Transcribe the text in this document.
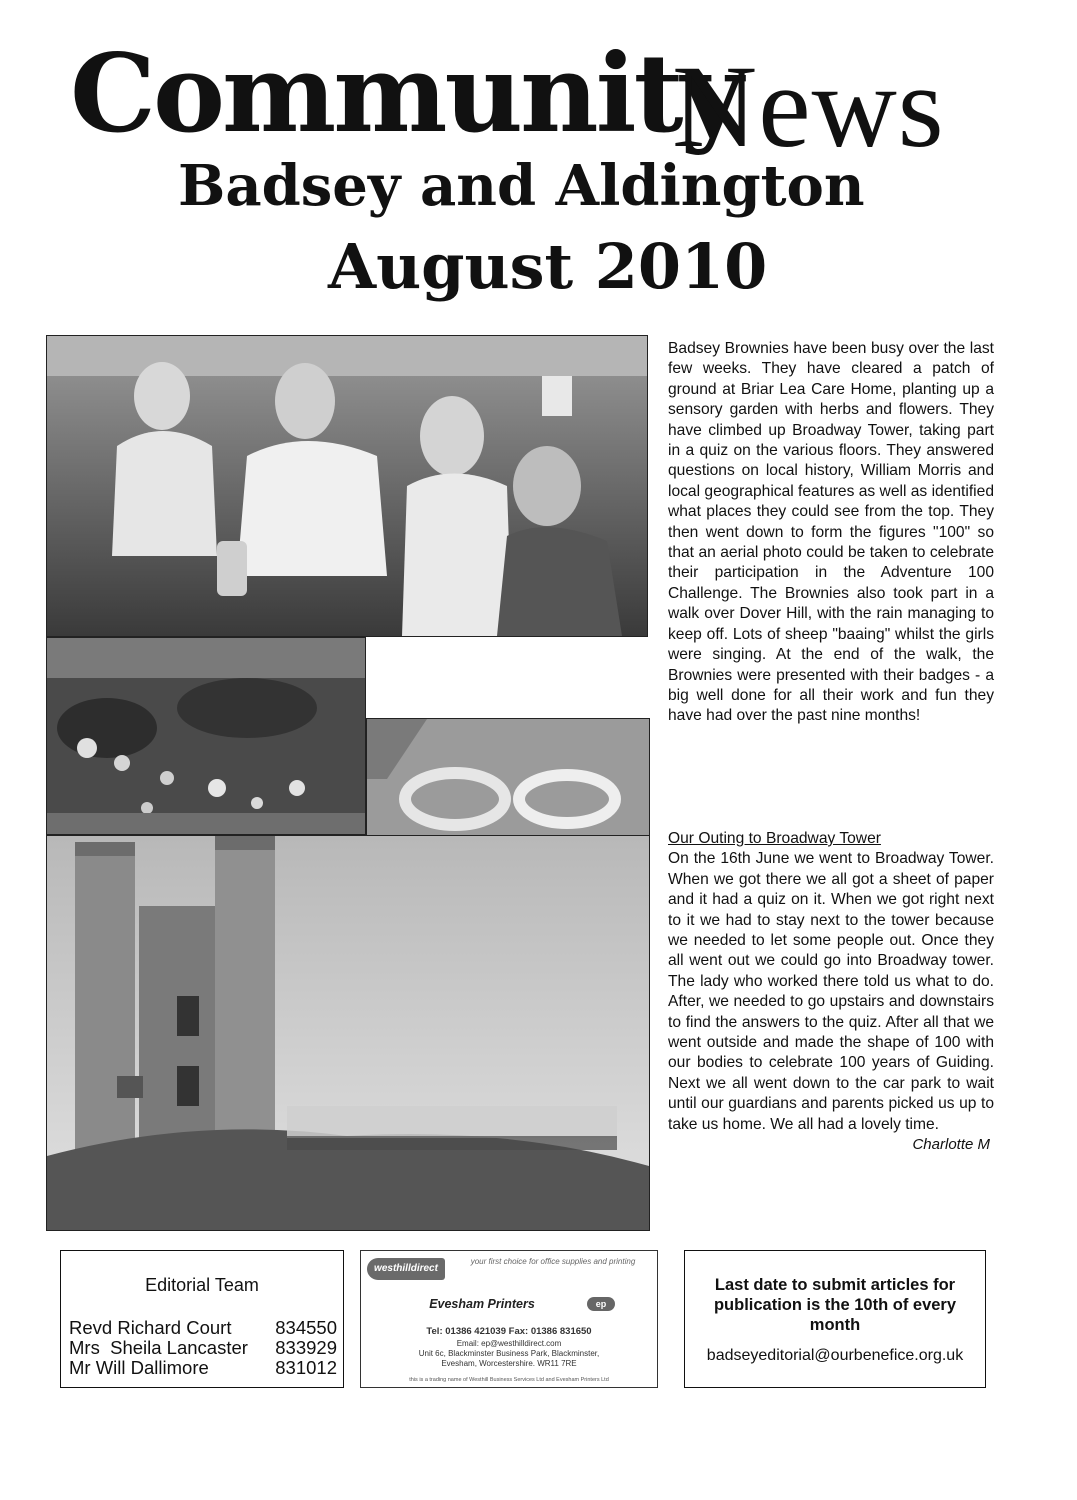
Community
News
Badsey and Aldington
August 2010
Badsey Brownies have been busy over the last few weeks. They have cleared a patch of ground at Briar Lea Care Home, planting up a sensory garden with herbs and flowers. They have climbed up Broadway Tower, taking part in a quiz on the various floors. They answered questions on local history, William Morris and local geographical features as well as identified what places they could see from the top. They then went down to form the figures "100" so that an aerial photo could be taken to celebrate their participation in the Adventure 100 Challenge. The Brownies also took part in a walk over Dover Hill, with the rain managing to keep off. Lots of sheep "baaing" whilst the girls were singing. At the end of the walk, the Brownies were presented with their badges - a big well done for all their work and fun they have had over the past nine months!
Our Outing to Broadway Tower
On the 16th June we went to Broadway Tower. When we got there we all got a sheet of paper and it had a quiz on it. When we got right next to it we had to stay next to the tower because we needed to let some people out. Once they all went out we could go into Broadway tower. The lady who worked there told us what to do. After, we needed to go upstairs and downstairs to find the answers to the quiz. After all that we went outside and made the shape of 100 with our bodies to celebrate 100 years of Guiding. Next we all went down to the car park to wait until our guardians and parents picked us up to take us home. We all had a lovely time.
Charlotte M
Editorial Team
Revd Richard Court 834550
Mrs  Sheila Lancaster 833929
Mr Will Dallimore	831012
westhilldirect
your first choice for office supplies and printing
Evesham Printers	ep
Tel: 01386 421039 Fax: 01386 831650
Email: ep@westhilldirect.com
Unit 6c, Blackminster Business Park, Blackminster,
Evesham, Worcestershire. WR11 7RE
this is a trading name of Westhill Business Services Ltd and Evesham Printers Ltd
Last date to submit articles for publication is the 10th of every month
badseyeditorial@ourbenefice.org.uk
